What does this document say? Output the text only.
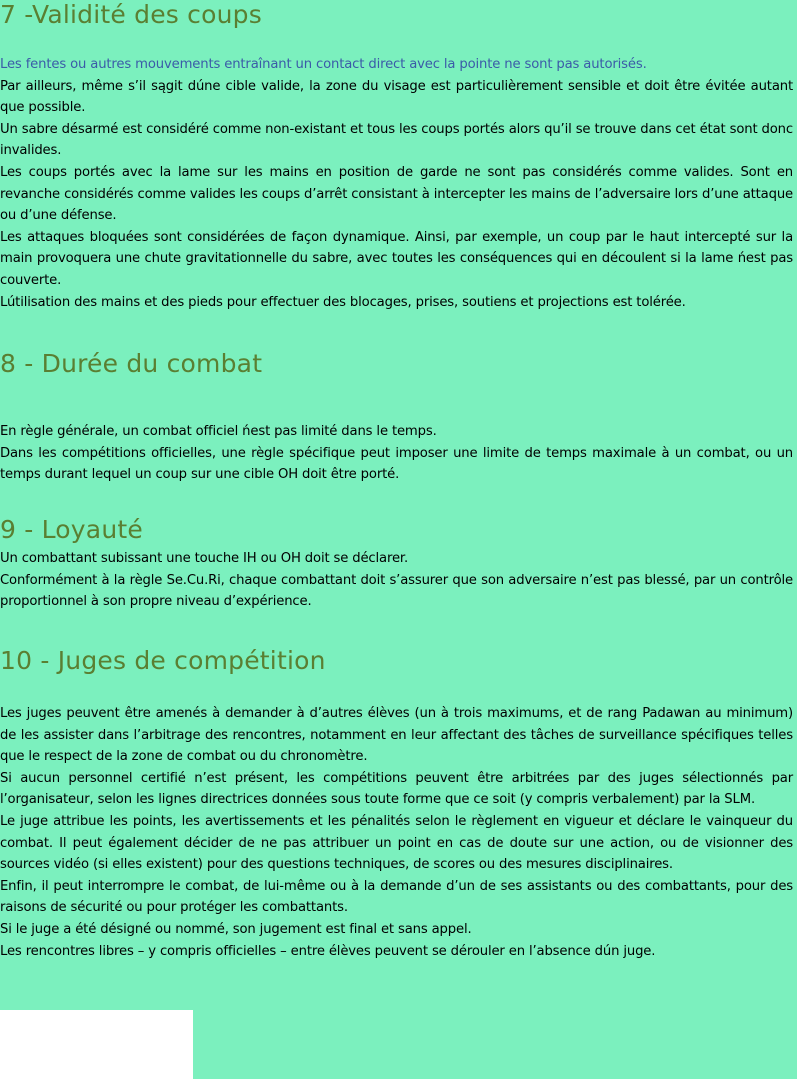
7 -Validité des coups

Les fentes ou autres mouvements entraînant un contact direct avec la pointe ne sont pas autorisés.

Par ailleurs, même s’il sągit dúne cible valide, la zone du visage est particulièrement sensible et doit être évitée autant que possible.

Un sabre désarmé est considéré comme non-existant et tous les coups portés alors qu’il se trouve dans cet état sont donc invalides.

Les coups portés avec la lame sur les mains en position de garde ne sont pas considérés comme valides. Sont en revanche considérés comme valides les coups d’arrêt consistant à intercepter les mains de l’adversaire lors d’une attaque ou d’une défense.

Les attaques bloquées sont considérées de façon dynamique. Ainsi, par exemple, un coup par le haut intercepté sur la main provoquera une chute gravitationnelle du sabre, avec toutes les conséquences qui en découlent si la lame ńest pas couverte.

Lútilisation des mains et des pieds pour effectuer des blocages, prises, soutiens et projections est tolérée.

8 - Durée du combat

En règle générale, un combat officiel ńest pas limité dans le temps.

Dans les compétitions officielles, une règle spécifique peut imposer une limite de temps maximale à un combat, ou un temps durant lequel un coup sur une cible OH doit être porté.

9 - Loyauté

Un combattant subissant une touche IH ou OH doit se déclarer.

Conformément à la règle Se.Cu.Ri, chaque combattant doit s’assurer que son adversaire n’est pas blessé, par un contrôle proportionnel à son propre niveau d’expérience.

10 - Juges de compétition

Les juges peuvent être amenés à demander à d’autres élèves (un à trois maximums, et de rang Padawan au minimum) de les assister dans l’arbitrage des rencontres, notamment en leur affectant des tâches de surveillance spécifiques telles que le respect de la zone de combat ou du chronomètre.

Si aucun personnel certifié n’est présent, les compétitions peuvent être arbitrées par des juges sélectionnés par l’organisateur, selon les lignes directrices données sous toute forme que ce soit (y compris verbalement) par la SLM.

Le juge attribue les points, les avertissements et les pénalités selon le règlement en vigueur et déclare le vainqueur du combat. Il peut également décider de ne pas attribuer un point en cas de doute sur une action, ou de visionner des sources vidéo (si elles existent) pour des questions techniques, de scores ou des mesures disciplinaires.

Enfin, il peut interrompre le combat, de lui-même ou à la demande d’un de ses assistants ou des combattants, pour des raisons de sécurité ou pour protéger les combattants.

Si le juge a été désigné ou nommé, son jugement est final et sans appel.

Les rencontres libres – y compris officielles – entre élèves peuvent se dérouler en l’absence dún juge.
